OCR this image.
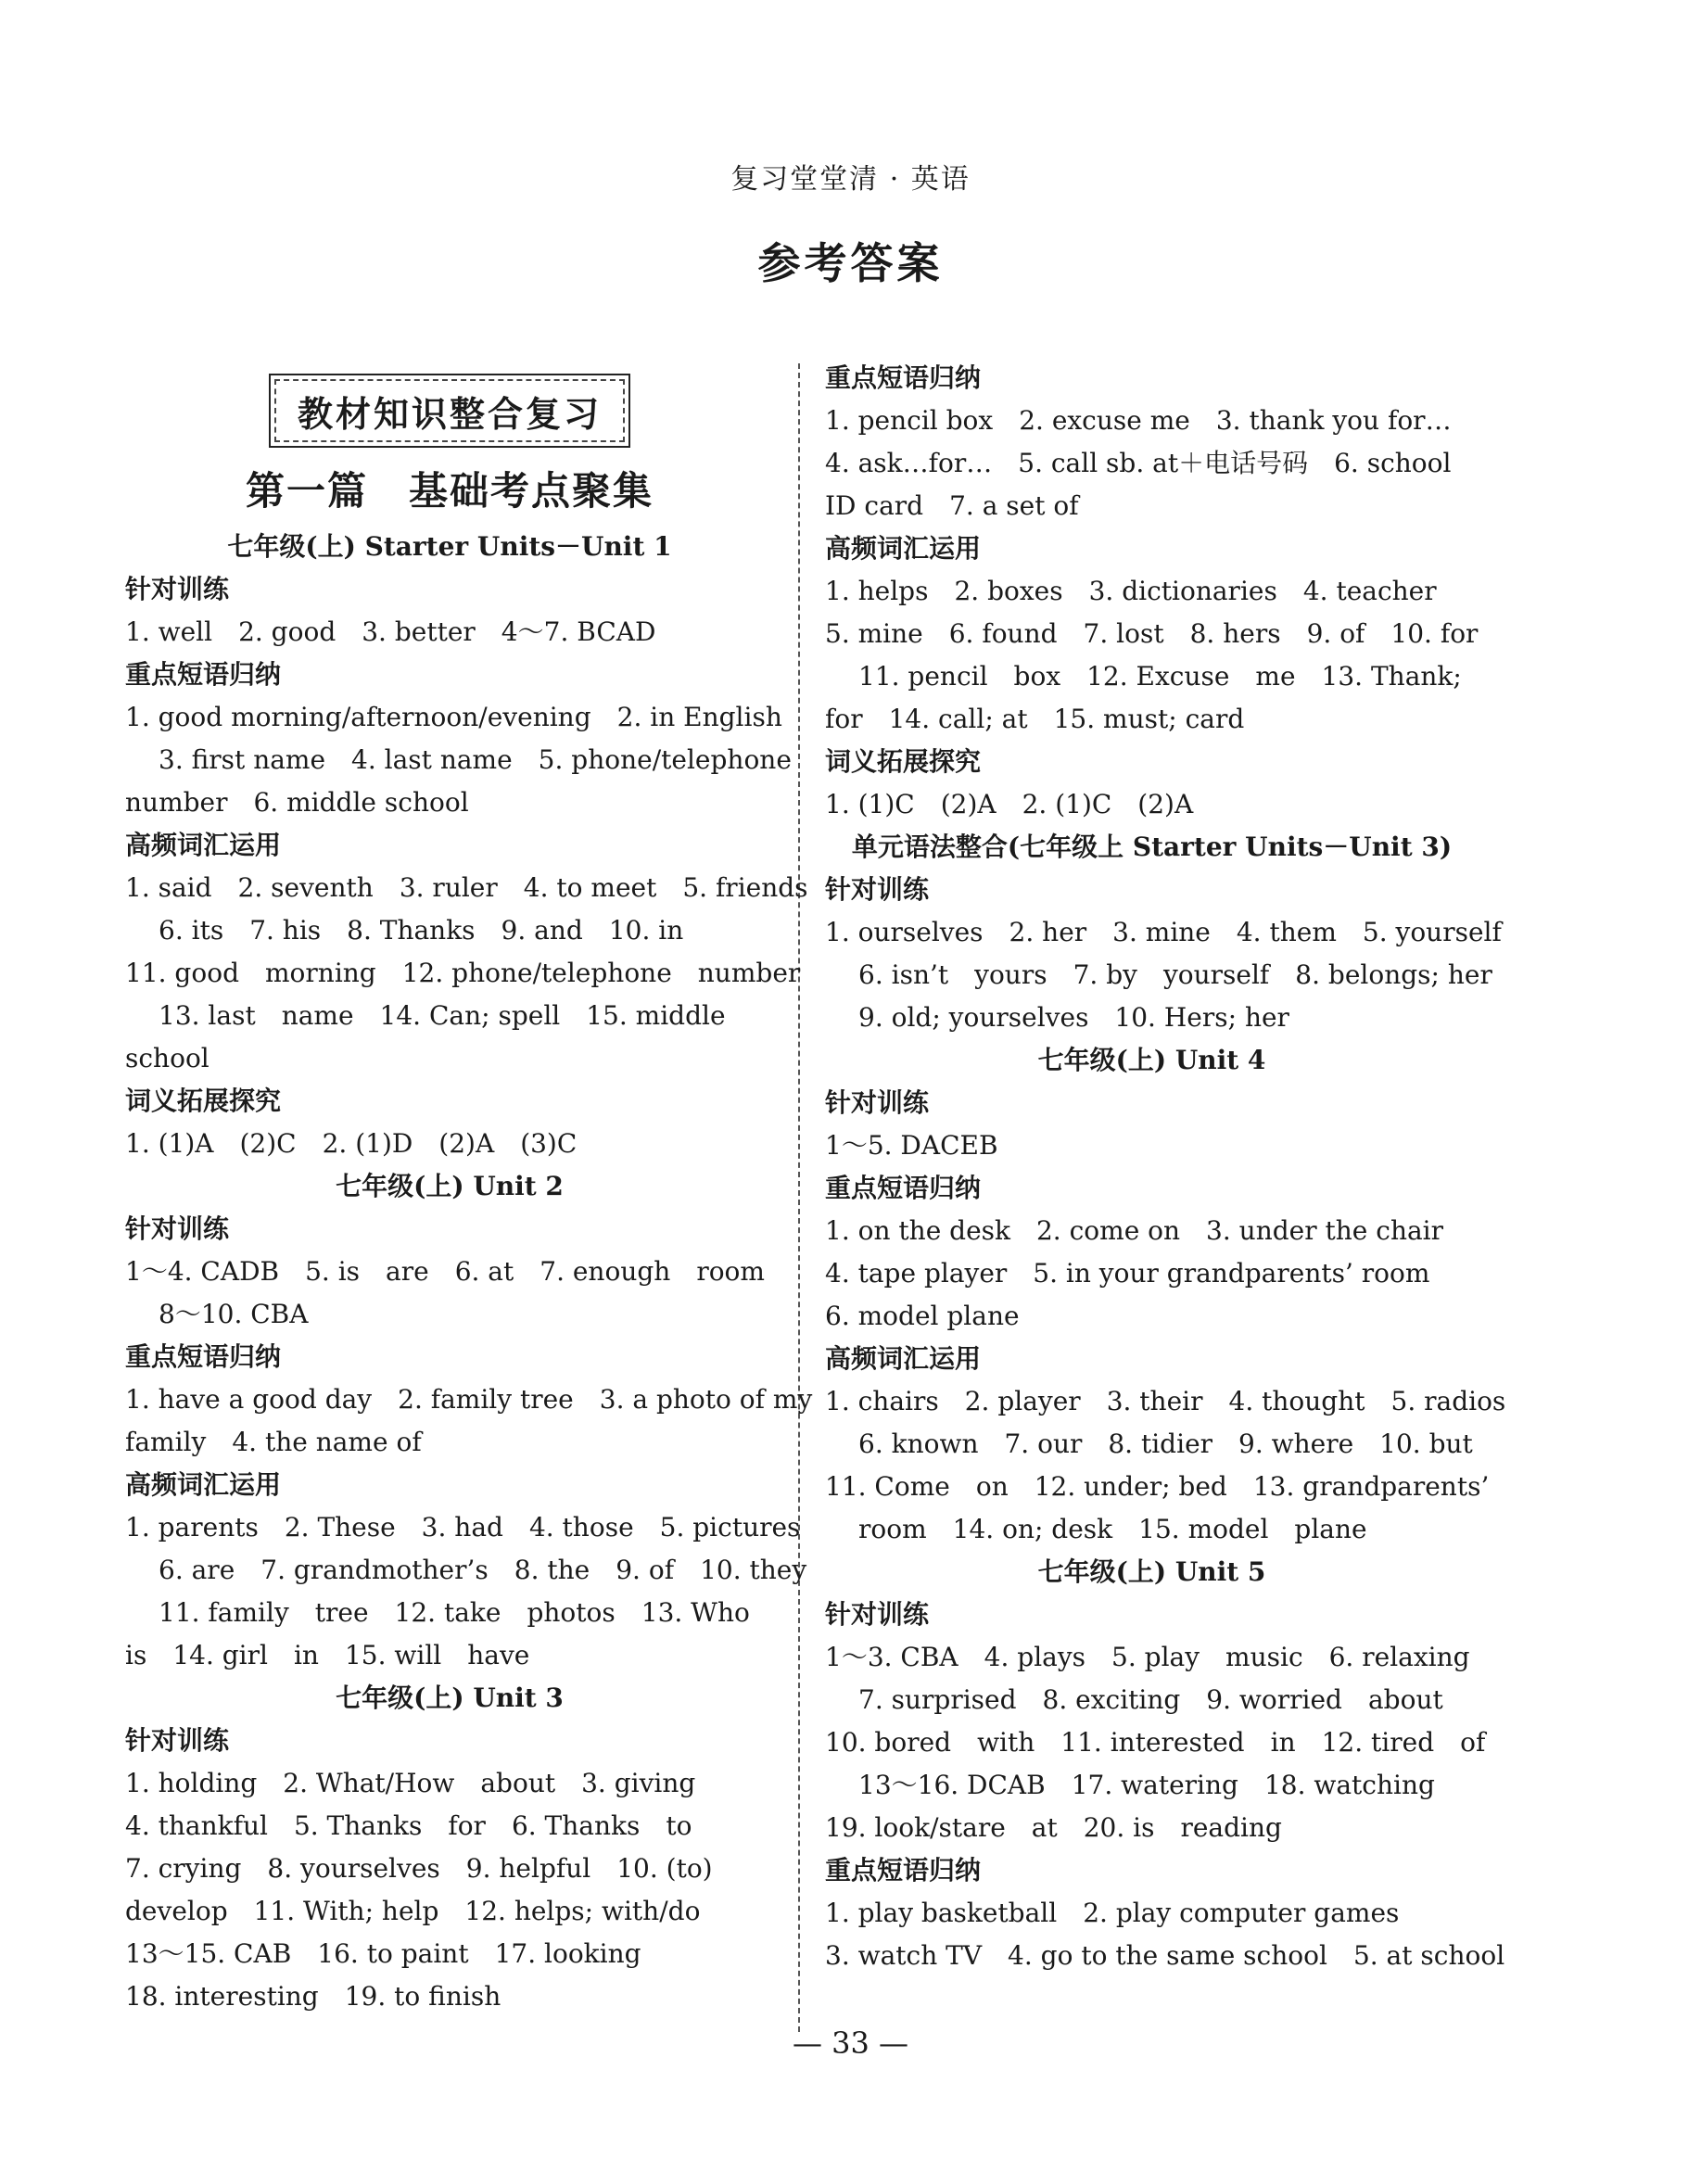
复习堂堂清 · 英语
参考答案
教材知识整合复习
第一篇　基础考点聚集
七年级(上) Starter Units－Unit 1
针对训练
1. well　2. good　3. better　4～7. BCAD
重点短语归纳
1. good morning/afternoon/evening　2. in English
3. first name　4. last name　5. phone/telephone
number　6. middle school
高频词汇运用
1. said　2. seventh　3. ruler　4. to meet　5. friends
6. its　7. his　8. Thanks　9. and　10. in
11. good　morning　12. phone/telephone　number
13. last　name　14. Can; spell　15. middle
school
词义拓展探究
1. (1)A　(2)C　2. (1)D　(2)A　(3)C
七年级(上) Unit 2
针对训练
1～4. CADB　5. is　are　6. at　7. enough　room
8～10. CBA
重点短语归纳
1. have a good day　2. family tree　3. a photo of my
family　4. the name of
高频词汇运用
1. parents　2. These　3. had　4. those　5. pictures
6. are　7. grandmother’s　8. the　9. of　10. they
11. family　tree　12. take　photos　13. Who
is　14. girl　in　15. will　have
七年级(上) Unit 3
针对训练
1. holding　2. What/How　about　3. giving
4. thankful　5. Thanks　for　6. Thanks　to
7. crying　8. yourselves　9. helpful　10. (to)
develop　11. With; help　12. helps; with/do
13～15. CAB　16. to paint　17. looking
18. interesting　19. to finish
重点短语归纳
1. pencil box　2. excuse me　3. thank you for…
4. ask…for…　5. call sb. at＋电话号码　6. school
ID card　7. a set of
高频词汇运用
1. helps　2. boxes　3. dictionaries　4. teacher
5. mine　6. found　7. lost　8. hers　9. of　10. for
11. pencil　box　12. Excuse　me　13. Thank;
for　14. call; at　15. must; card
词义拓展探究
1. (1)C　(2)A　2. (1)C　(2)A
单元语法整合(七年级上 Starter Units－Unit 3)
针对训练
1. ourselves　2. her　3. mine　4. them　5. yourself
6. isn’t　yours　7. by　yourself　8. belongs; her
9. old; yourselves　10. Hers; her
七年级(上) Unit 4
针对训练
1～5. DACEB
重点短语归纳
1. on the desk　2. come on　3. under the chair
4. tape player　5. in your grandparents’ room
6. model plane
高频词汇运用
1. chairs　2. player　3. their　4. thought　5. radios
6. known　7. our　8. tidier　9. where　10. but
11. Come　on　12. under; bed　13. grandparents’
room　14. on; desk　15. model　plane
七年级(上) Unit 5
针对训练
1～3. CBA　4. plays　5. play　music　6. relaxing
7. surprised　8. exciting　9. worried　about
10. bored　with　11. interested　in　12. tired　of
13～16. DCAB　17. watering　18. watching
19. look/stare　at　20. is　reading
重点短语归纳
1. play basketball　2. play computer games
3. watch TV　4. go to the same school　5. at school
— 33 —
